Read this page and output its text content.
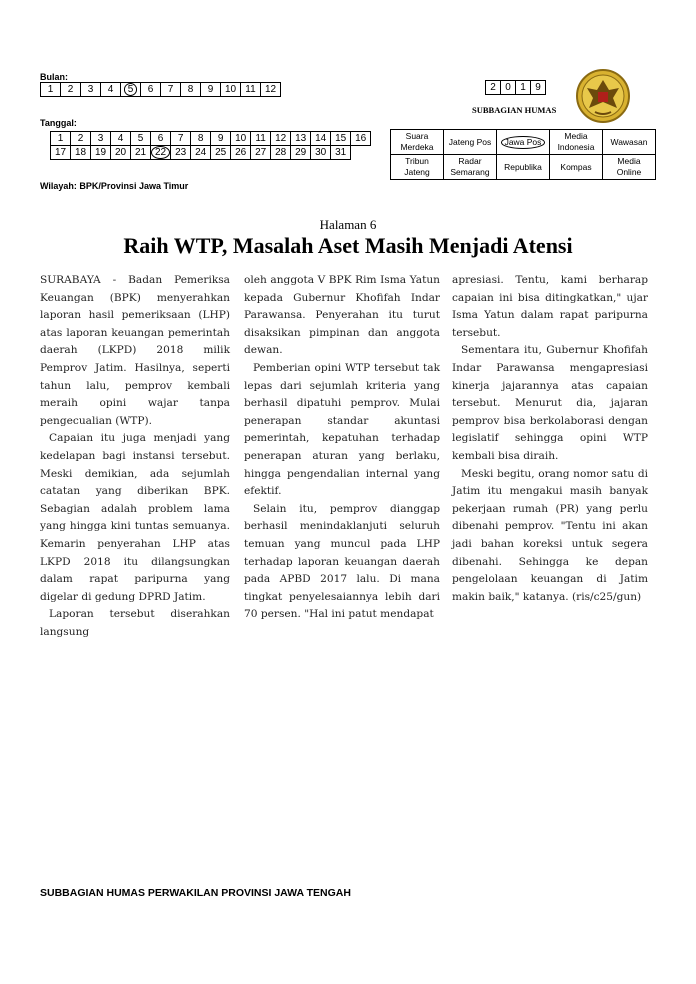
Bulan:
1	2	3	4	5	6	7	8	9	10	11	12
Tanggal:
1	2	3	4	5	6	7	8	9	10	11	12	13	14	15	16
17	18	19	20	21	22	23	24	25	26	27	28	29	30	31	
Wilayah: BPK/Provinsi Jawa Timur
2	0	1	9
SUBBAGIAN HUMAS
Suara Merdeka	Jateng Pos	Jawa Pos	Media Indonesia	Wawasan
Tribun Jateng	Radar Semarang	Republika	Kompas	Media Online
Halaman 6
Raih WTP, Masalah Aset Masih Menjadi Atensi

SURABAYA - Badan Pemeriksa Keuangan (BPK) menyerahkan laporan hasil pemeriksaan (LHP) atas laporan keuangan pemerintah daerah (LKPD) 2018 milik Pemprov Jatim. Hasilnya, seperti tahun lalu, pemprov kembali meraih opini wajar tanpa pengecualian (WTP).

Capaian itu juga menjadi yang kedelapan bagi instansi tersebut. Meski demikian, ada sejumlah catatan yang diberikan BPK. Sebagian adalah problem lama yang hingga kini tuntas semuanya. Kemarin penyerahan LHP atas LKPD 2018 itu dilangsungkan dalam rapat paripurna yang digelar di gedung DPRD Jatim.

Laporan tersebut diserahkan langsung

oleh anggota V BPK Rim Isma Yatun kepada Gubernur Khofifah Indar Parawansa. Penyerahan itu turut disaksikan pimpinan dan anggota dewan.

Pemberian opini WTP tersebut tak lepas dari sejumlah kriteria yang berhasil dipatuhi pemprov. Mulai penerapan standar akuntasi pemerintah, kepatuhan terhadap penerapan aturan yang berlaku, hingga pengendalian internal yang efektif.

Selain itu, pemprov dianggap berhasil menindaklanjuti seluruh temuan yang muncul pada LHP terhadap laporan keuangan daerah pada APBD 2017 lalu. Di mana tingkat penyelesaiannya lebih dari 70 persen. "Hal ini patut mendapat

apresiasi. Tentu, kami berharap capaian ini bisa ditingkatkan," ujar Isma Yatun dalam rapat paripurna tersebut.

Sementara itu, Gubernur Khofifah Indar Parawansa mengapresiasi kinerja jajarannya atas capaian tersebut. Menurut dia, jajaran pemprov bisa berkolaborasi dengan legislatif sehingga opini WTP kembali bisa diraih.

Meski begitu, orang nomor satu di Jatim itu mengakui masih banyak pekerjaan rumah (PR) yang perlu dibenahi pemprov. "Tentu ini akan jadi bahan koreksi untuk segera dibenahi. Sehingga ke depan pengelolaan keuangan di Jatim makin baik," katanya. (ris/c25/gun)

SUBBAGIAN HUMAS PERWAKILAN PROVINSI JAWA TENGAH
